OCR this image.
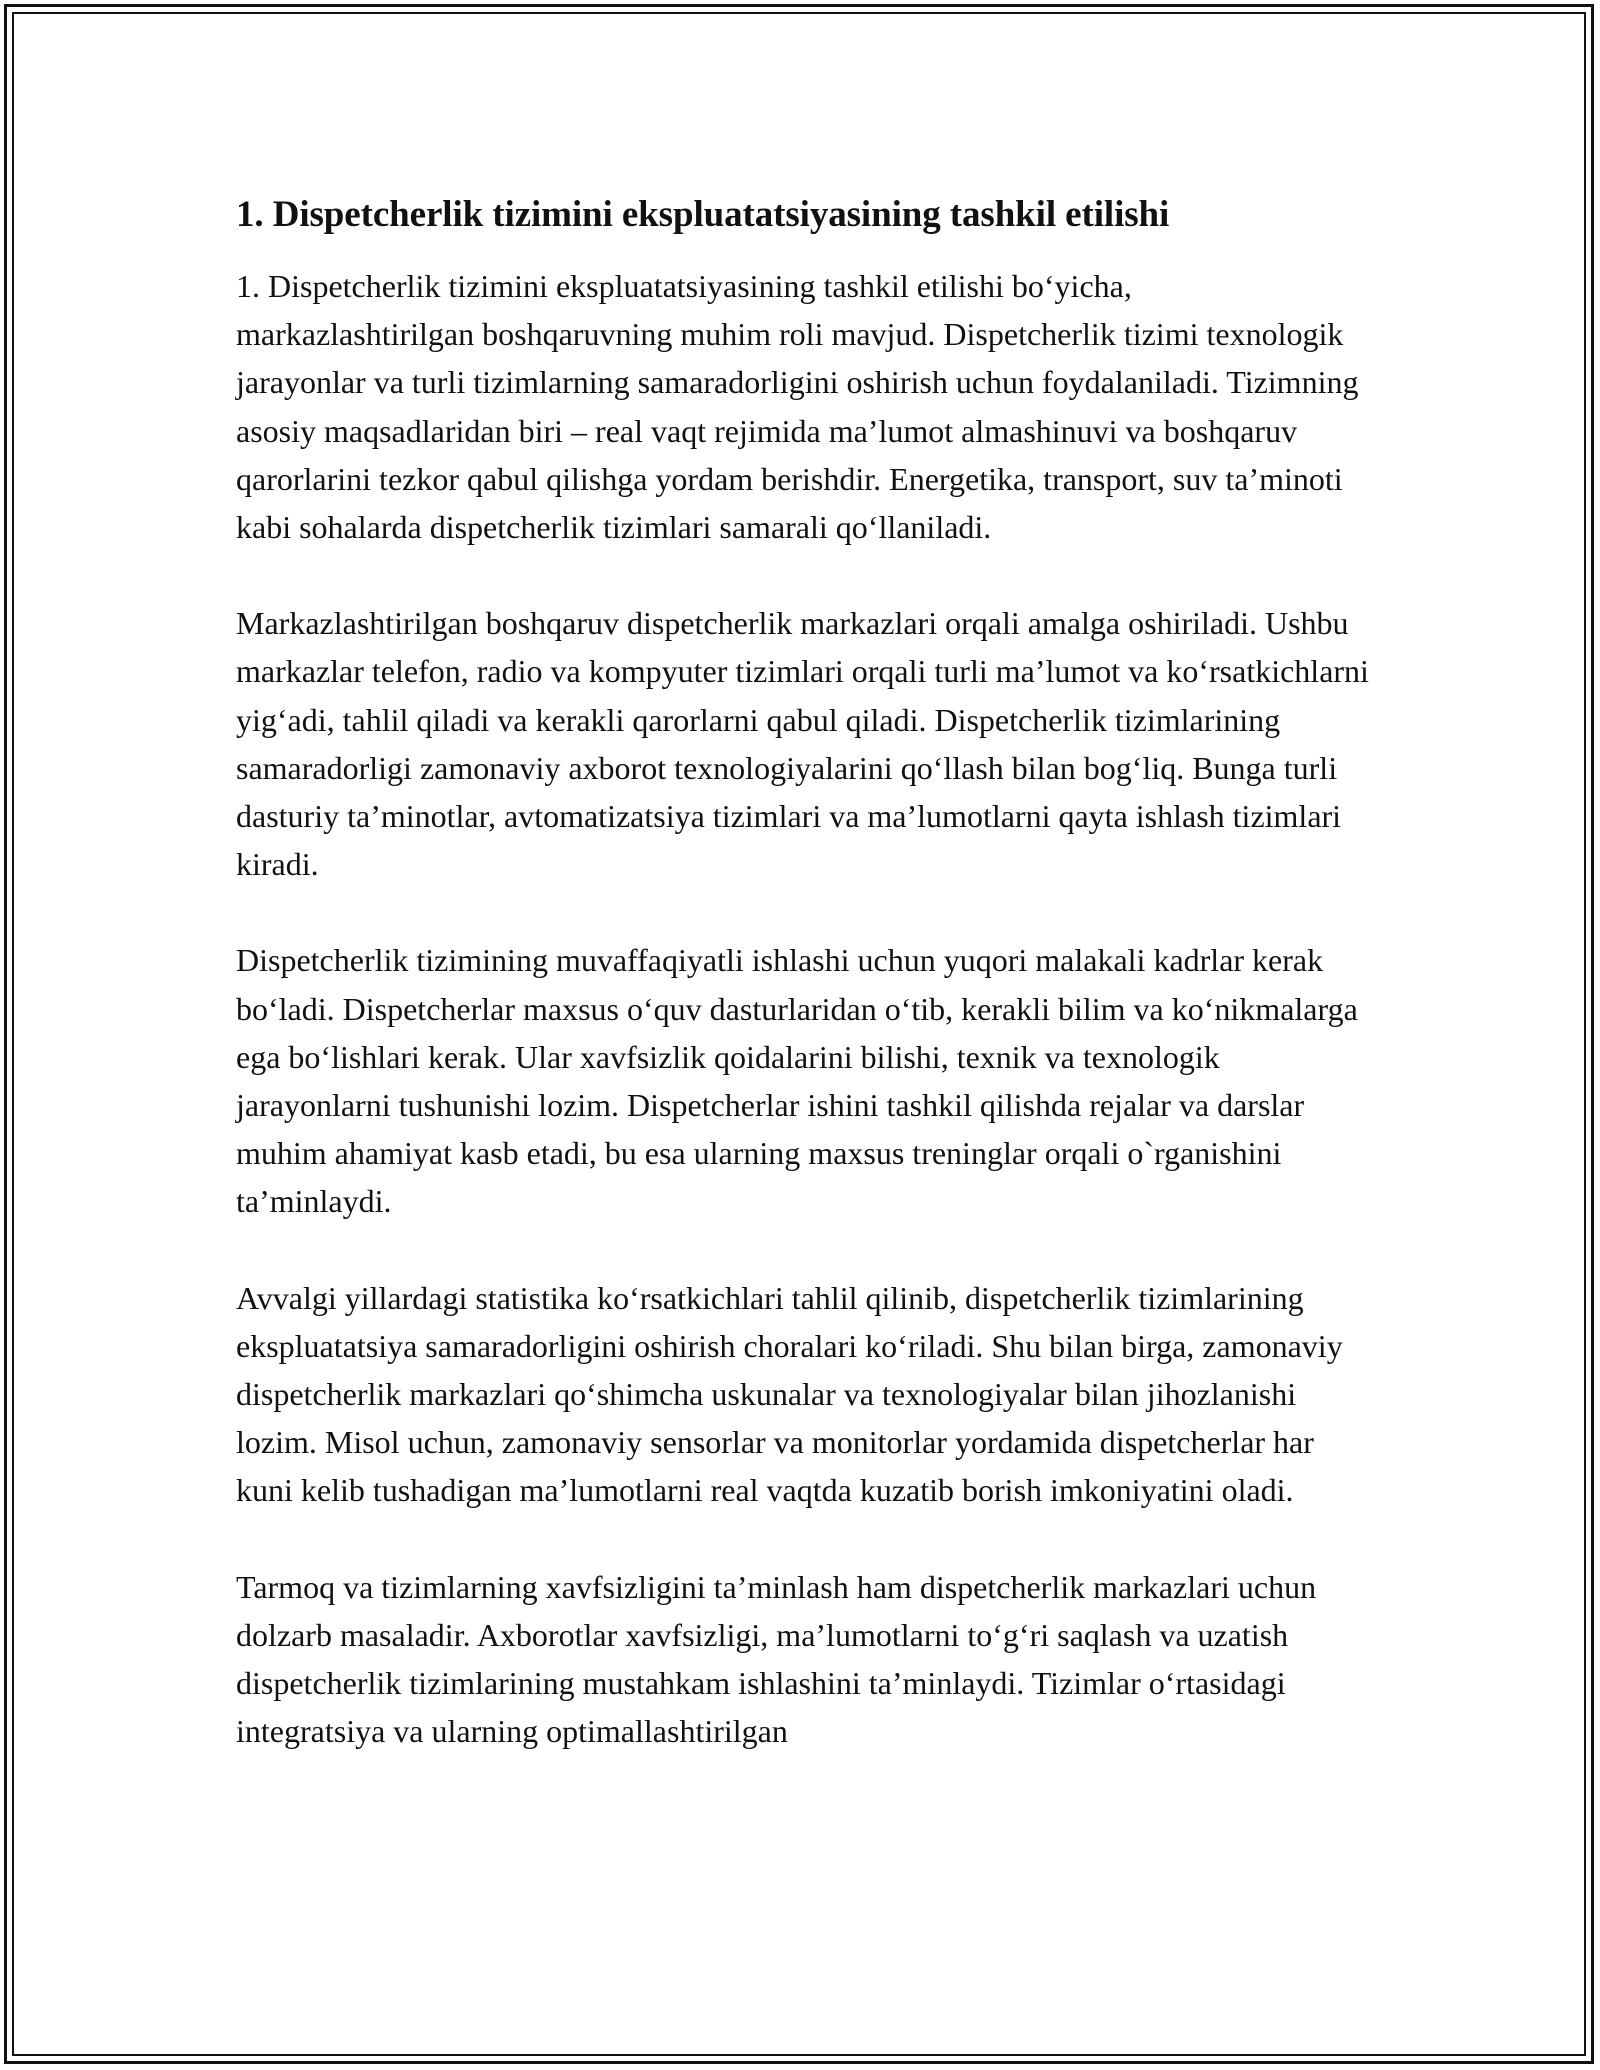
1. Dispetcherlik tizimini ekspluatatsiyasining tashkil etilishi

1. Dispetcherlik tizimini ekspluatatsiyasining tashkil etilishi bo‘yicha, markazlashtirilgan boshqaruvning muhim roli mavjud. Dispetcherlik tizimi texnologik jarayonlar va turli tizimlarning samaradorligini oshirish uchun foydalaniladi. Tizimning asosiy maqsadlaridan biri – real vaqt rejimida ma’lumot almashinuvi va boshqaruv qarorlarini tezkor qabul qilishga yordam berishdir. Energetika, transport, suv ta’minoti kabi sohalarda dispetcherlik tizimlari samarali qo‘llaniladi.

Markazlashtirilgan boshqaruv dispetcherlik markazlari orqali amalga oshiriladi. Ushbu markazlar telefon, radio va kompyuter tizimlari orqali turli ma’lumot va ko‘rsatkichlarni yig‘adi, tahlil qiladi va kerakli qarorlarni qabul qiladi. Dispetcherlik tizimlarining samaradorligi zamonaviy axborot texnologiyalarini qo‘llash bilan bog‘liq. Bunga turli dasturiy ta’minotlar, avtomatizatsiya tizimlari va ma’lumotlarni qayta ishlash tizimlari kiradi.

Dispetcherlik tizimining muvaffaqiyatli ishlashi uchun yuqori malakali kadrlar kerak bo‘ladi. Dispetcherlar maxsus o‘quv dasturlaridan o‘tib, kerakli bilim va ko‘nikmalarga ega bo‘lishlari kerak. Ular xavfsizlik qoidalarini bilishi, texnik va texnologik jarayonlarni tushunishi lozim. Dispetcherlar ishini tashkil qilishda rejalar va darslar muhim ahamiyat kasb etadi, bu esa ularning maxsus treninglar orqali o`rganishini ta’minlaydi.

Avvalgi yillardagi statistika ko‘rsatkichlari tahlil qilinib, dispetcherlik tizimlarining ekspluatatsiya samaradorligini oshirish choralari ko‘riladi. Shu bilan birga, zamonaviy dispetcherlik markazlari qo‘shimcha uskunalar va texnologiyalar bilan jihozlanishi lozim. Misol uchun, zamonaviy sensorlar va monitorlar yordamida dispetcherlar har kuni kelib tushadigan ma’lumotlarni real vaqtda kuzatib borish imkoniyatini oladi.

Tarmoq va tizimlarning xavfsizligini ta’minlash ham dispetcherlik markazlari uchun dolzarb masaladir. Axborotlar xavfsizligi, ma’lumotlarni to‘g‘ri saqlash va uzatish dispetcherlik tizimlarining mustahkam ishlashini ta’minlaydi. Tizimlar o‘rtasidagi integratsiya va ularning optimallashtirilgan
